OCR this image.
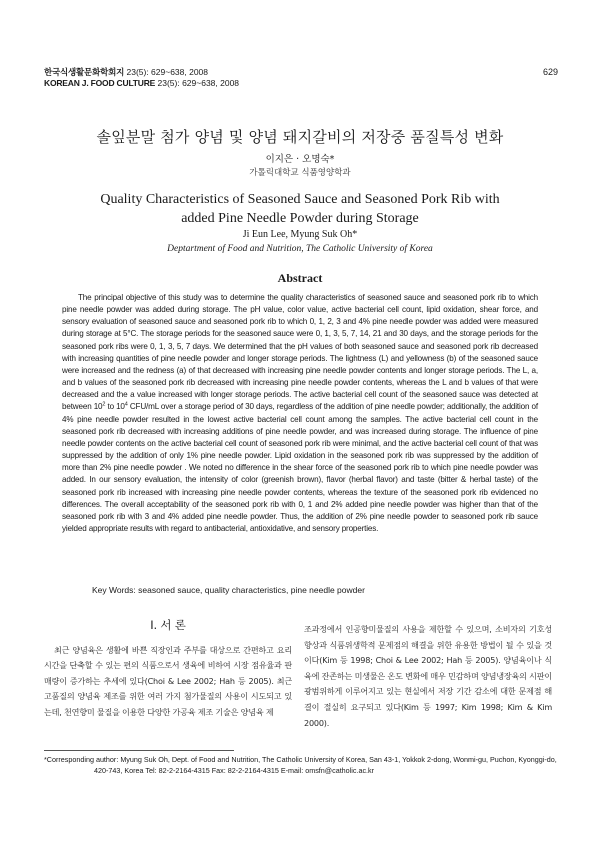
한국식생활문화학회지 23(5): 629~638, 2008
KOREAN J. FOOD CULTURE 23(5): 629~638, 2008
629
솔잎분말 첨가 양념 및 양념 돼지갈비의 저장중 품질특성 변화
이지은 · 오명숙*
가톨릭대학교 식품영양학과
Quality Characteristics of Seasoned Sauce and Seasoned Pork Rib with
added Pine Needle Powder during Storage
Ji Eun Lee, Myung Suk Oh*
Deptartment of Food and Nutrition, The Catholic University of Korea
Abstract

The principal objective of this study was to determine the quality characteristics of seasoned sauce and seasoned pork rib to which pine needle powder was added during storage. The pH value, color value, active bacterial cell count, lipid oxidation, shear force, and sensory evaluation of seasoned sauce and seasoned pork rib to which 0, 1, 2, 3 and 4% pine needle powder was added were measured during storage at 5°C. The storage periods for the seasoned sauce were 0, 1, 3, 5, 7, 14, 21 and 30 days, and the storage periods for the seasoned pork ribs were 0, 1, 3, 5, 7 days. We determined that the pH values of both seasoned sauce and seasoned pork rib decreased with increasing quantities of pine needle powder and longer storage periods. The lightness (L) and yellowness (b) of the seasoned sauce were increased and the redness (a) of that decreased with increasing pine needle powder contents and longer storage periods. The L, a, and b values of the seasoned pork rib decreased with increasing pine needle powder contents, whereas the L and b values of that were decreased and the a value increased with longer storage periods. The active bacterial cell count of the seasoned sauce was detected at between $10^2$ to $10^4$ CFU/mL over a storage period of 30 days, regardless of the addition of pine needle powder; additionally, the addition of 4% pine needle powder resulted in the lowest active bacterial cell count among the samples. The active bacterial cell count in the seasoned pork rib decreased with increasing additions of pine needle powder, and was increased during storage. The influence of pine needle powder contents on the active bacterial cell count of seasoned pork rib were minimal, and the active bacterial cell count of that was suppressed by the addition of only 1% pine needle powder. Lipid oxidation in the seasoned pork rib was suppressed by the addition of more than 2% pine needle powder . We noted no difference in the shear force of the seasoned pork rib to which pine needle powder was added. In our sensory evaluation, the intensity of color (greenish brown), flavor (herbal flavor) and taste (bitter & herbal taste) of the seasoned pork rib increased with increasing pine needle powder contents, whereas the texture of the seasoned pork rib evidenced no differences. The overall acceptability of the seasoned pork rib with 0, 1 and 2% added pine needle powder was higher than that of the seasoned pork rib with 3 and 4% added pine needle powder. Thus, the addition of 2% pine needle powder to seasoned pork rib sauce yielded appropriate results with regard to antibacterial, antioxidative, and sensory properties.

Key Words: seasoned sauce, quality characteristics, pine needle powder
I. 서 론

최근 양념육은 생활에 바쁜 직장인과 주부를 대상으로 간편하고 요리시간을 단축할 수 있는 편의 식품으로서 생육에 비하여 시장 점유율과 판매량이 증가하는 추세에 있다(Choi & Lee 2002; Hah 등 2005). 최근 고품질의 양념육 제조를 위한 여러 가지 첨가물질의 사용이 시도되고 있는데, 천연향미 물질을 이용한 다양한 가공육 제조 기술은 양념육 제

조과정에서 인공향미물질의 사용을 제한할 수 있으며, 소비자의 기호성 향상과 식품위생학적 문제점의 해결을 위한 유용한 방법이 될 수 있을 것이다(Kim 등 1998; Choi & Lee 2002; Hah 등 2005). 양념육이나 식육에 잔존하는 미생물은 온도 변화에 매우 민감하며 양념냉장육의 시판이 광범위하게 이루어지고 있는 현실에서 저장 기간 감소에 대한 문제점 해결이 절실히 요구되고 있다(Kim 등 1997; Kim 1998; Kim & Kim 2000).

*Corresponding author: Myung Suk Oh, Dept. of Food and Nutrition, The Catholic University of Korea, San 43-1, Yokkok 2-dong, Wonmi-gu, Puchon, Kyonggi-do, 420-743, Korea Tel: 82-2-2164-4315 Fax: 82-2-2164-4315 E-mail: omsfn@catholic.ac.kr
